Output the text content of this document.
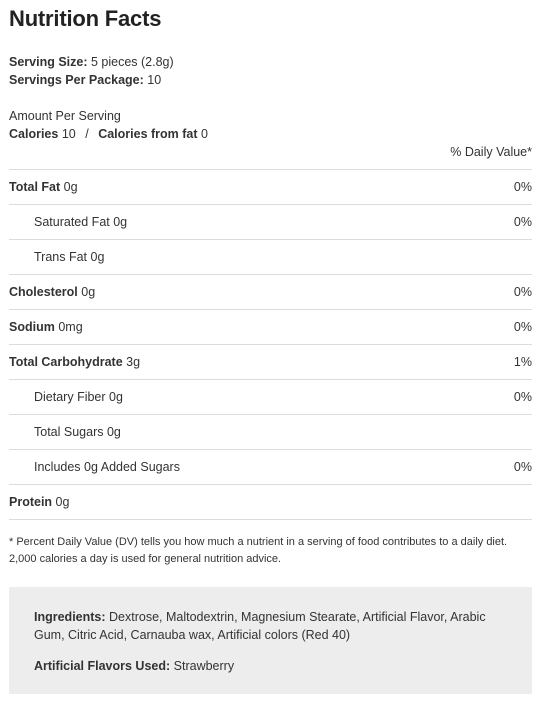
Nutrition Facts
Serving Size: 5 pieces (2.8g)
Servings Per Package: 10
Amount Per Serving
Calories 10 / Calories from fat 0
% Daily Value*
Total Fat 0g	0%
Saturated Fat 0g	0%
Trans Fat 0g
Cholesterol 0g	0%
Sodium 0mg	0%
Total Carbohydrate 3g	1%
Dietary Fiber 0g	0%
Total Sugars 0g
Includes 0g Added Sugars	0%
Protein 0g
* Percent Daily Value (DV) tells you how much a nutrient in a serving of food contributes to a daily diet.
2,000 calories a day is used for general nutrition advice.

Ingredients: Dextrose, Maltodextrin, Magnesium Stearate, Artificial Flavor, Arabic Gum, Citric Acid, Carnauba wax, Artificial colors (Red 40)

Artificial Flavors Used: Strawberry
